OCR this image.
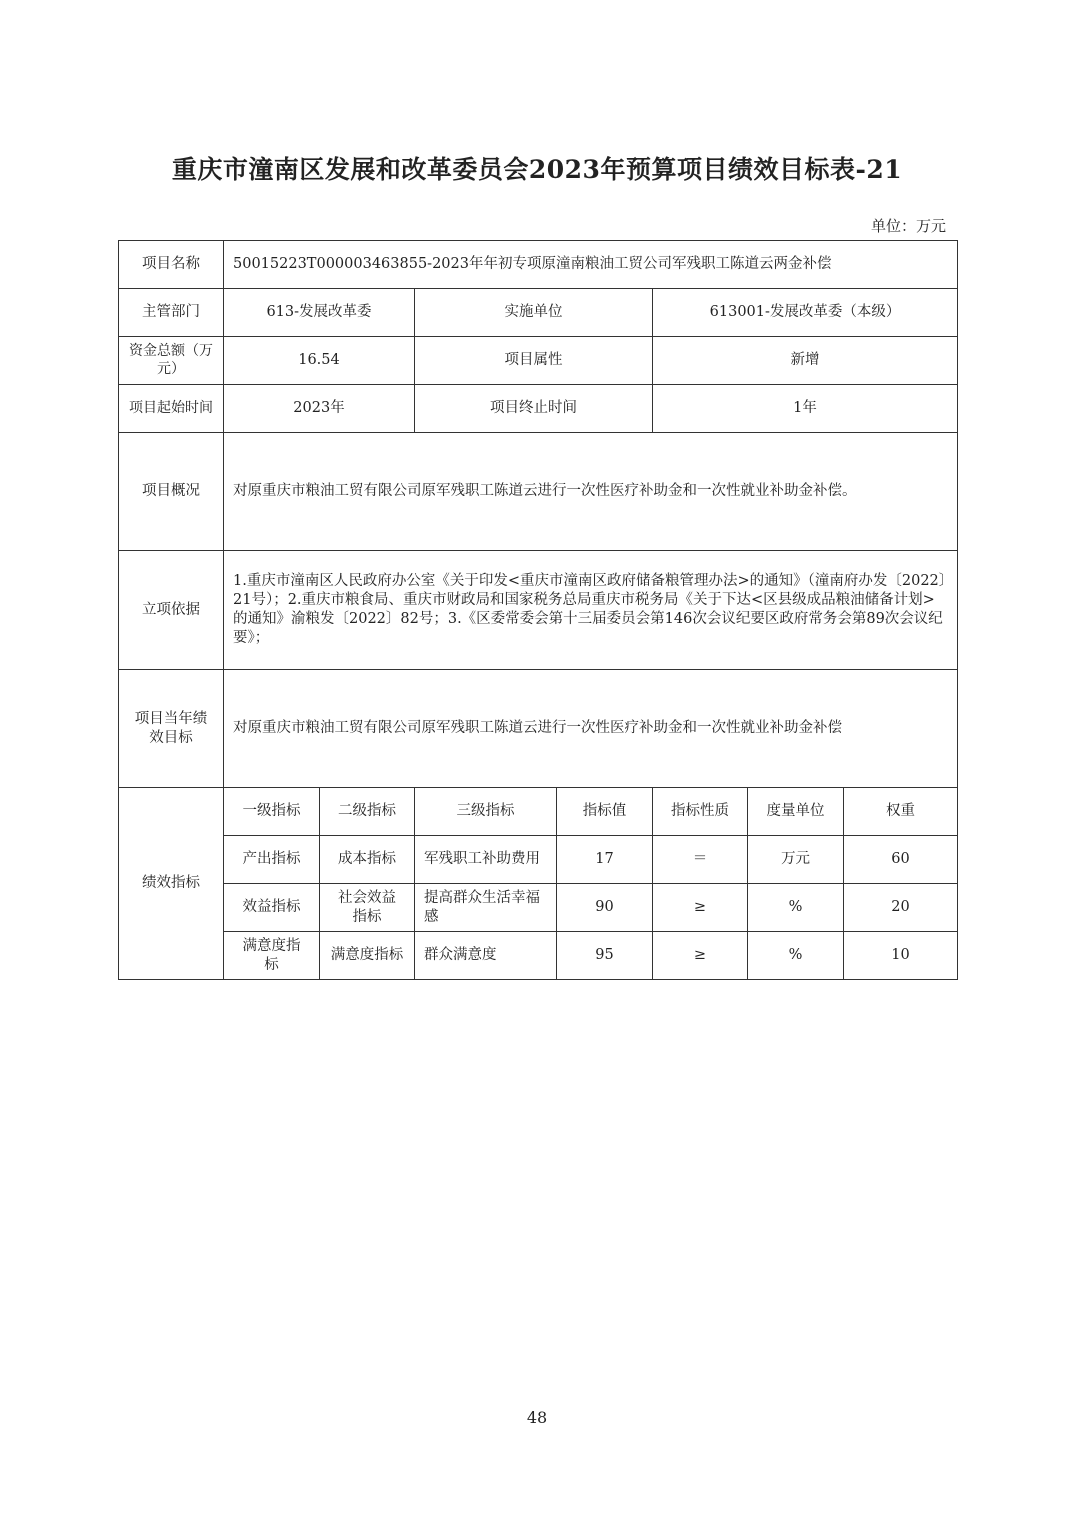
重庆市潼南区发展和改革委员会2023年预算项目绩效目标表-21
单位：万元
项目名称	50015223T000003463855-2023年年初专项原潼南粮油工贸公司军残职工陈道云两金补偿						
主管部门	613-发展改革委		实施单位		613001-发展改革委（本级）		
资金总额（万元）	16.54		项目属性		新增		
项目起始时间	2023年		项目终止时间		1年		
项目概况	对原重庆市粮油工贸有限公司原军残职工陈道云进行一次性医疗补助金和一次性就业补助金补偿。						
立项依据	1.重庆市潼南区人民政府办公室《关于印发<重庆市潼南区政府储备粮管理办法>的通知》（潼南府办发〔2022〕21号）；2.重庆市粮食局、重庆市财政局和国家税务总局重庆市税务局《关于下达<区县级成品粮油储备计划>的通知》渝粮发〔2022〕82号；3.《区委常委会第十三届委员会第146次会议纪要区政府常务会第89次会议纪要》；						
项目当年绩效目标	对原重庆市粮油工贸有限公司原军残职工陈道云进行一次性医疗补助金和一次性就业补助金补偿						
绩效指标	一级指标	二级指标	三级指标	指标值	指标性质	度量单位	权重
	产出指标	成本指标	军残职工补助费用	17	＝	万元	60
	效益指标	社会效益指标	提高群众生活幸福感	90	≥	%	20
	满意度指标	满意度指标	群众满意度	95	≥	%	10
48
